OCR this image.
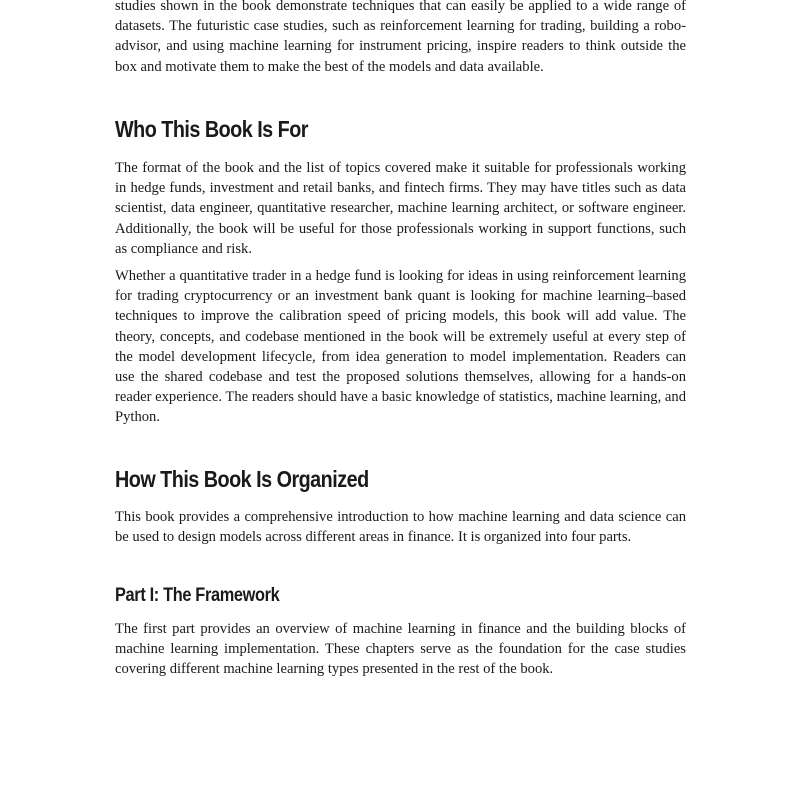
studies shown in the book demonstrate techniques that can easily be applied to a wide range of datasets. The futuristic case studies, such as reinforcement learning for trading, building a robo-advisor, and using machine learning for instrument pricing, inspire readers to think outside the box and motivate them to make the best of the models and data available.

Who This Book Is For

The format of the book and the list of topics covered make it suitable for professionals working in hedge funds, investment and retail banks, and fintech firms. They may have titles such as data scientist, data engineer, quantitative researcher, machine learning architect, or software engineer. Additionally, the book will be useful for those professionals working in support functions, such as compliance and risk.

Whether a quantitative trader in a hedge fund is looking for ideas in using reinforcement learning for trading cryptocurrency or an investment bank quant is looking for machine learning–based techniques to improve the calibration speed of pricing models, this book will add value. The theory, concepts, and codebase mentioned in the book will be extremely useful at every step of the model development lifecycle, from idea generation to model implementation. Readers can use the shared codebase and test the proposed solutions themselves, allowing for a hands-on reader experience. The readers should have a basic knowledge of statistics, machine learning, and Python.

How This Book Is Organized

This book provides a comprehensive introduction to how machine learning and data science can be used to design models across different areas in finance. It is organized into four parts.

Part I: The Framework

The first part provides an overview of machine learning in finance and the building blocks of machine learning implementation. These chapters serve as the foundation for the case studies covering different machine learning types presented in the rest of the book.
